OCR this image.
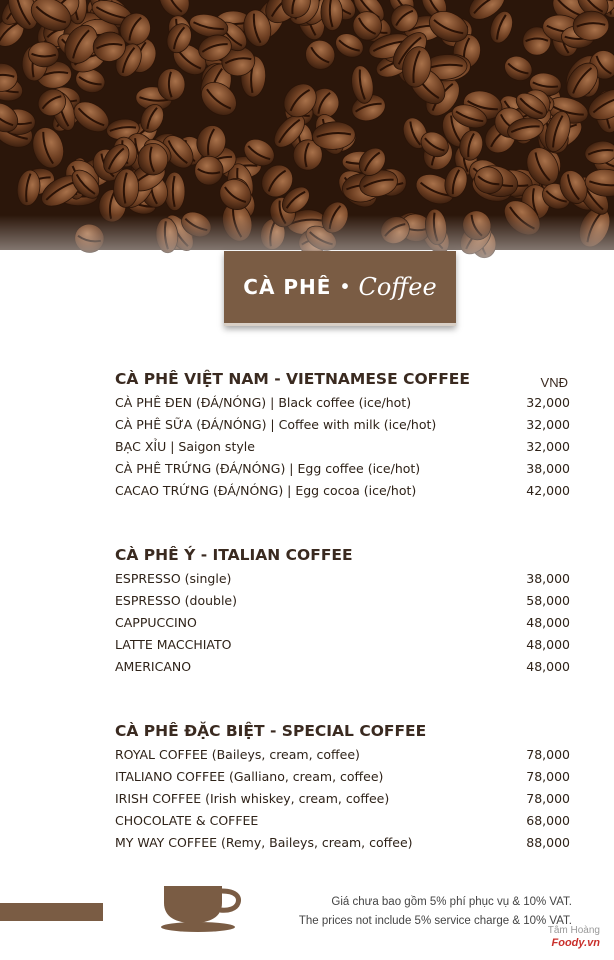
CÀ PHÊ • Coffee
CÀ PHÊ VIỆT NAM - VIETNAMESE COFFEE	VNĐ
CÀ PHÊ ĐEN (ĐÁ/NÓNG) | Black coffee (ice/hot)	32,000
CÀ PHÊ SỮA (ĐÁ/NÓNG) | Coffee with milk (ice/hot)	32,000
BẠC XỈU | Saigon style	32,000
CÀ PHÊ TRỨNG (ĐÁ/NÓNG) | Egg coffee (ice/hot)	38,000
CACAO TRỨNG (ĐÁ/NÓNG) | Egg cocoa (ice/hot)	42,000
CÀ PHÊ Ý - ITALIAN COFFEE
ESPRESSO (single)	38,000
ESPRESSO (double)	58,000
CAPPUCCINO	48,000
LATTE MACCHIATO	48,000
AMERICANO	48,000
CÀ PHÊ ĐẶC BIỆT - SPECIAL COFFEE
ROYAL COFFEE (Baileys, cream, coffee)	78,000
ITALIANO COFFEE (Galliano, cream, coffee)	78,000
IRISH COFFEE (Irish whiskey, cream, coffee)	78,000
CHOCOLATE & COFFEE	68,000
MY WAY COFFEE (Remy, Baileys, cream, coffee)	88,000
Giá chưa bao gồm 5% phí phục vụ & 10% VAT.
The prices not include 5% service charge & 10% VAT.
Tâm Hoàng
Foody.vn
